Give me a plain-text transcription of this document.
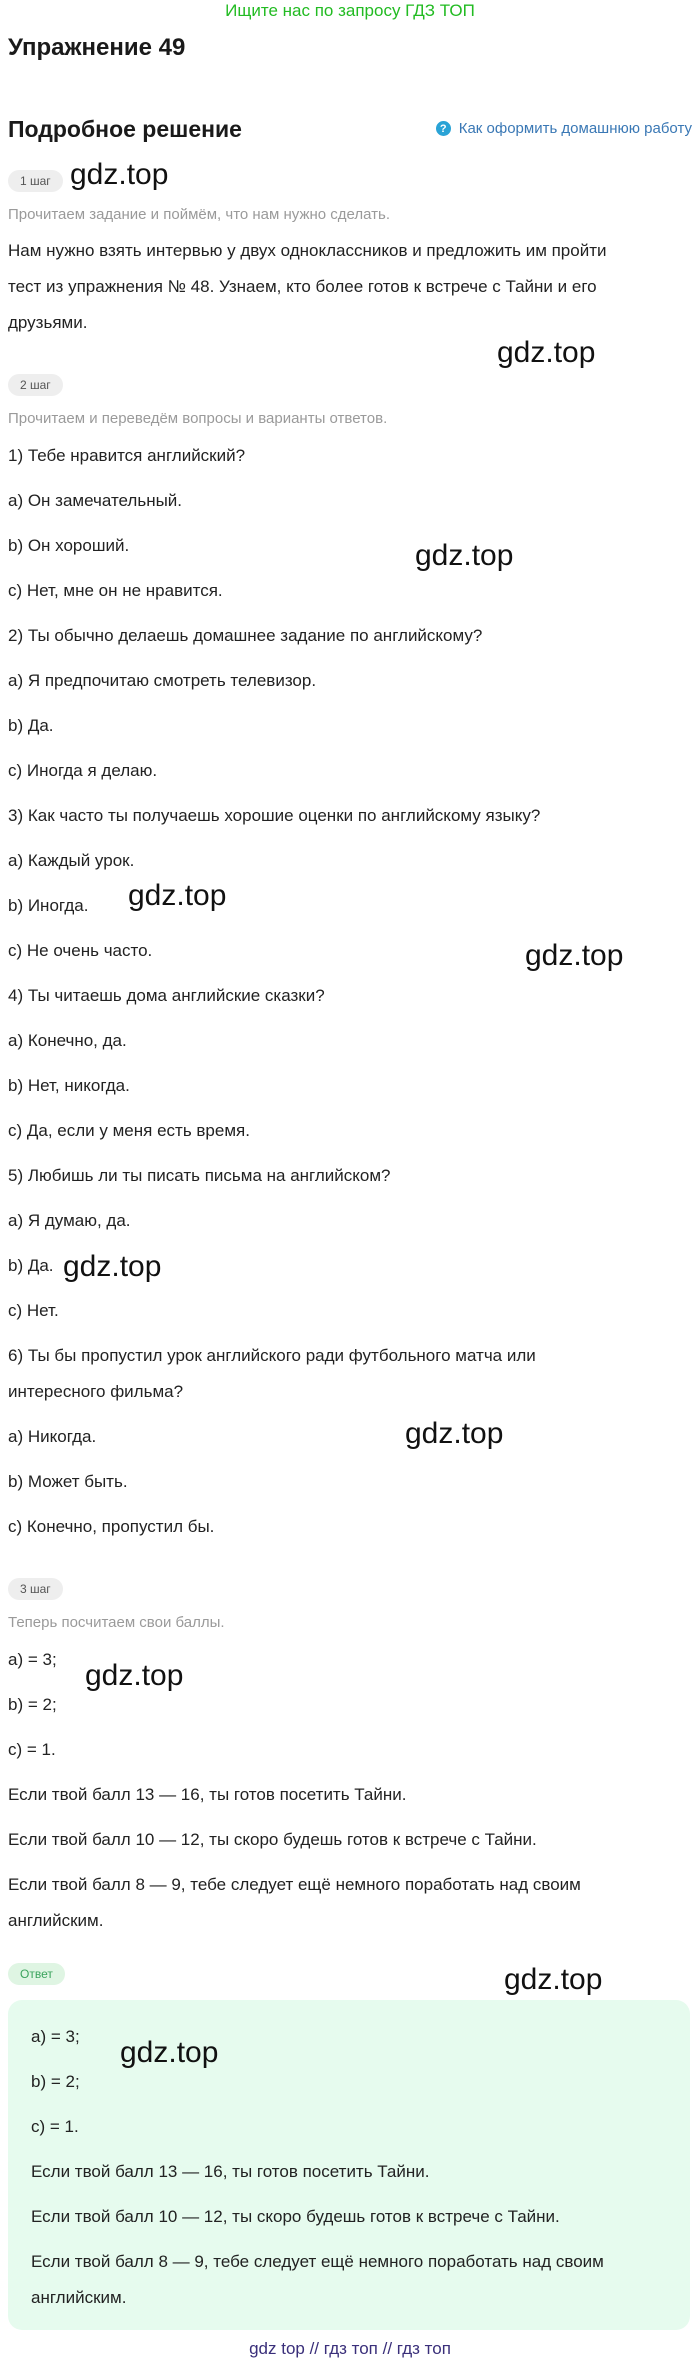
Ищите нас по запросу ГДЗ ТОП
Упражнение 49
Подробное решение	? Как оформить домашнюю работу
1 шаг
Прочитаем задание и поймём, что нам нужно сделать.
Нам нужно взять интервью у двух одноклассников и предложить им пройти
тест из упражнения № 48. Узнаем, кто более готов к встрече с Тайни и его
друзьями.
2 шаг
Прочитаем и переведём вопросы и варианты ответов.
1) Тебе нравится английский?
a) Он замечательный.
b) Он хороший.
c) Нет, мне он не нравится.
2) Ты обычно делаешь домашнее задание по английскому?
a) Я предпочитаю смотреть телевизор.
b) Да.
c) Иногда я делаю.
3) Как часто ты получаешь хорошие оценки по английскому языку?
a) Каждый урок.
b) Иногда.
c) Не очень часто.
4) Ты читаешь дома английские сказки?
a) Конечно, да.
b) Нет, никогда.
c) Да, если у меня есть время.
5) Любишь ли ты писать письма на английском?
a) Я думаю, да.
b) Да.
c) Нет.
6) Ты бы пропустил урок английского ради футбольного матча или
интересного фильма?
a) Никогда.
b) Может быть.
c) Конечно, пропустил бы.
3 шаг
Теперь посчитаем свои баллы.
a) = 3;
b) = 2;
c) = 1.
Если твой балл 13 — 16, ты готов посетить Тайни.
Если твой балл 10 — 12, ты скоро будешь готов к встрече с Тайни.
Если твой балл 8 — 9, тебе следует ещё немного поработать над своим
английским.
Ответ
a) = 3;
b) = 2;
c) = 1.
Если твой балл 13 — 16, ты готов посетить Тайни.
Если твой балл 10 — 12, ты скоро будешь готов к встрече с Тайни.
Если твой балл 8 — 9, тебе следует ещё немного поработать над своим
английским.
gdz.top
gdz.top
gdz.top
gdz.top
gdz.top
gdz.top
gdz.top
gdz.top
gdz.top
gdz.top
gdz top // гдз топ // гдз топ
